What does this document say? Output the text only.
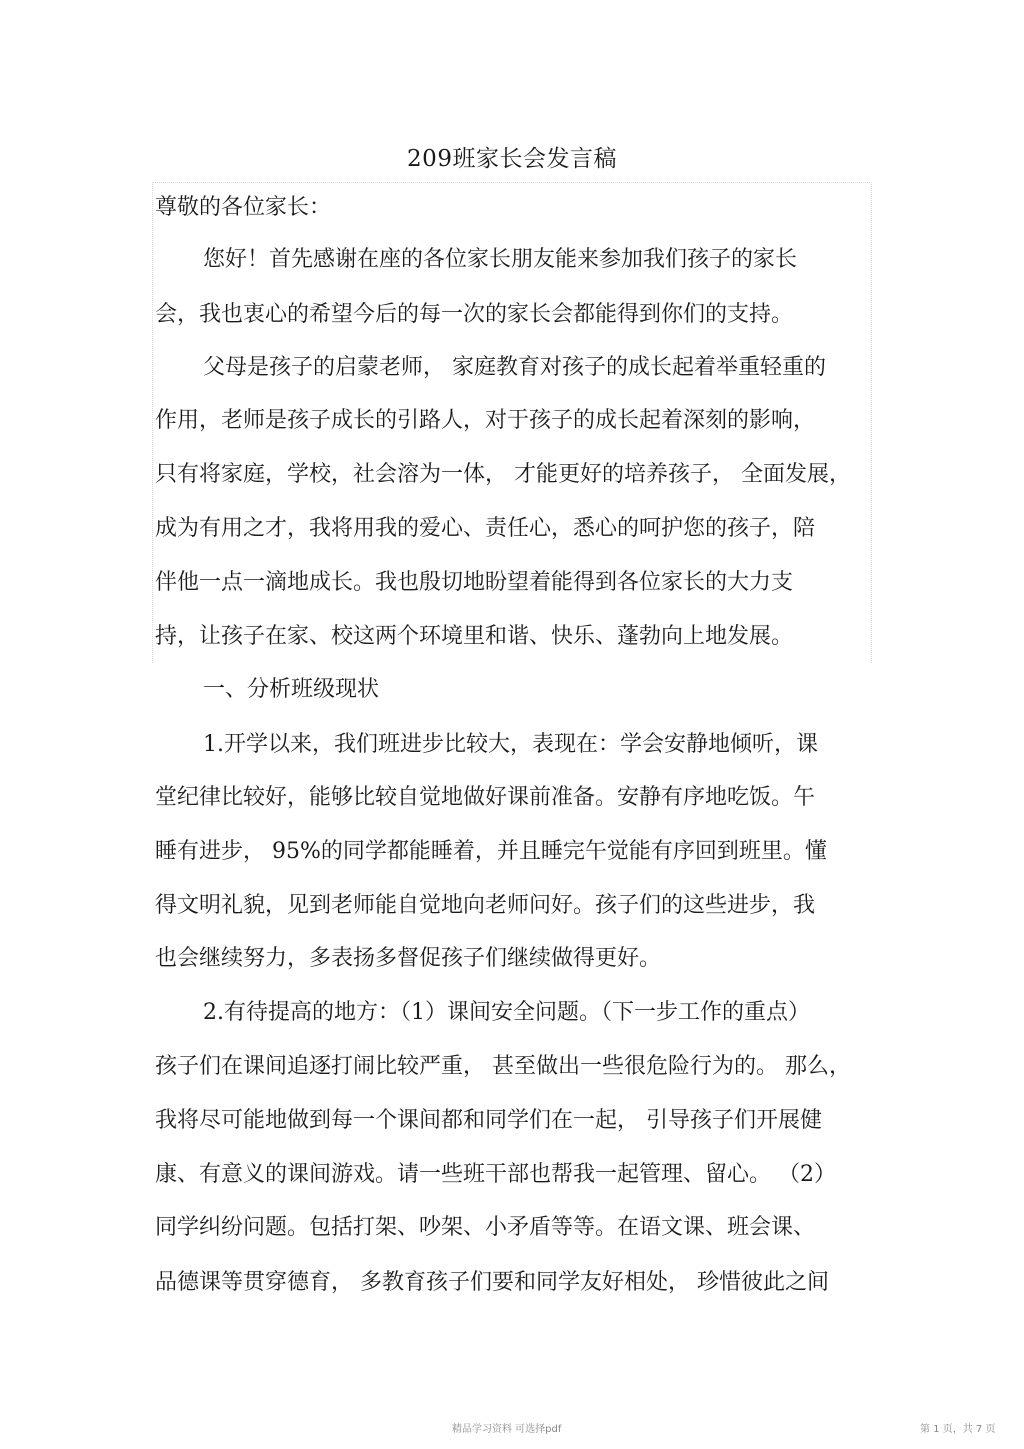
209班家长会发言稿
尊敬的各位家长：
您好！首先感谢在座的各位家长朋友能来参加我们孩子的家长
会，我也衷心的希望今后的每一次的家长会都能得到你们的支持。
父母是孩子的启蒙老师， 家庭教育对孩子的成长起着举重轻重的
作用，老师是孩子成长的引路人，对于孩子的成长起着深刻的影响，
只有将家庭，学校，社会溶为一体， 才能更好的培养孩子， 全面发展，
成为有用之才，我将用我的爱心、责任心，悉心的呵护您的孩子，陪
伴他一点一滴地成长。我也殷切地盼望着能得到各位家长的大力支
持，让孩子在家、校这两个环境里和谐、快乐、蓬勃向上地发展。
一、分析班级现状
1.开学以来，我们班进步比较大，表现在：学会安静地倾听，课
堂纪律比较好，能够比较自觉地做好课前准备。安静有序地吃饭。午
睡有进步， 95%的同学都能睡着，并且睡完午觉能有序回到班里。懂
得文明礼貌，见到老师能自觉地向老师问好。孩子们的这些进步，我
也会继续努力，多表扬多督促孩子们继续做得更好。
2.有待提高的地方：（1）课间安全问题。（下一步工作的重点）
孩子们在课间追逐打闹比较严重， 甚至做出一些很危险行为的。 那么，
我将尽可能地做到每一个课间都和同学们在一起， 引导孩子们开展健
康、有意义的课间游戏。请一些班干部也帮我一起管理、留心。 （2）
同学纠纷问题。包括打架、吵架、小矛盾等等。在语文课、班会课、
品德课等贯穿德育， 多教育孩子们要和同学友好相处， 珍惜彼此之间
精品学习资料 可选择pdf	第 1 页，共 7 页
